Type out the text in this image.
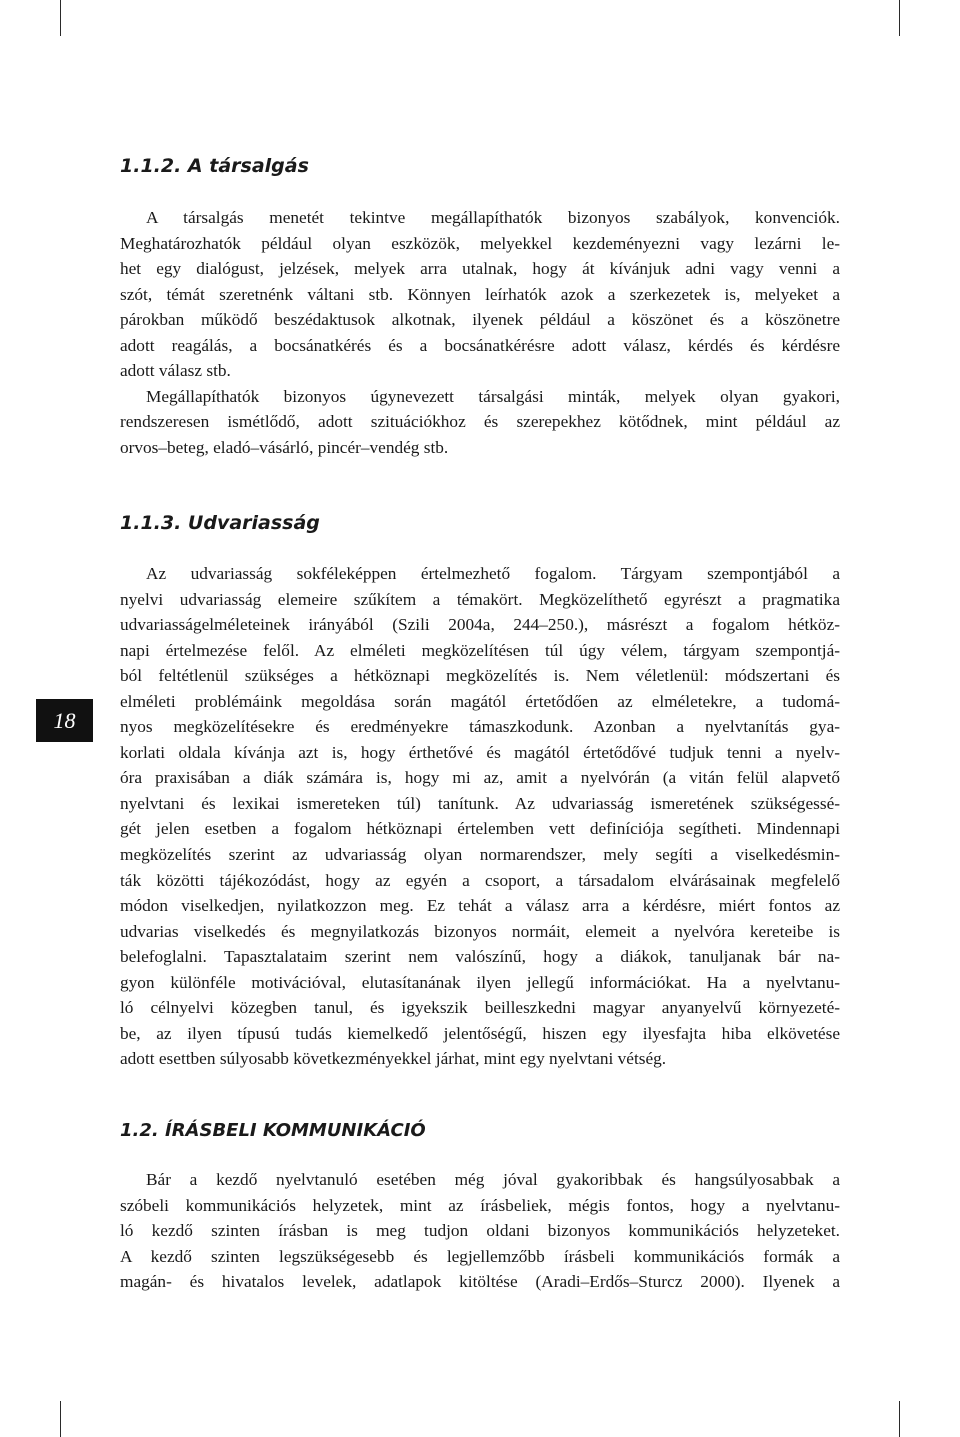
1.1.2. A társalgás
A társalgás menetét tekintve megállapíthatók bizonyos szabályok, konvenciók.
Meghatározhatók például olyan eszközök, melyekkel kezdeményezni vagy lezárni le-
het egy dialógust, jelzések, melyek arra utalnak, hogy át kívánjuk adni vagy venni a
szót, témát szeretnénk váltani stb. Könnyen leírhatók azok a szerkezetek is, melyeket a
párokban működő beszédaktusok alkotnak, ilyenek például a köszönet és a köszönetre
adott reagálás, a bocsánatkérés és a bocsánatkérésre adott válasz, kérdés és kérdésre
adott válasz stb.
Megállapíthatók bizonyos úgynevezett társalgási minták, melyek olyan gyakori,
rendszeresen ismétlődő, adott szituációkhoz és szerepekhez kötődnek, mint például az
orvos–beteg, eladó–vásárló, pincér–vendég stb.
1.1.3. Udvariasság
Az udvariasság sokféleképpen értelmezhető fogalom. Tárgyam szempontjából a
nyelvi udvariasság elemeire szűkítem a témakört. Megközelíthető egyrészt a pragmatika
udvariasságelméleteinek irányából (Szili 2004a, 244–250.), másrészt a fogalom hétköz-
napi értelmezése felől. Az elméleti megközelítésen túl úgy vélem, tárgyam szempontjá-
ból feltétlenül szükséges a hétköznapi megközelítés is. Nem véletlenül: módszertani és
elméleti problémáink megoldása során magától értetődően az elméletekre, a tudomá-
nyos megközelítésekre és eredményekre támaszkodunk. Azonban a nyelvtanítás gya-
korlati oldala kívánja azt is, hogy érthetővé és magától értetődővé tudjuk tenni a nyelv-
óra praxisában a diák számára is, hogy mi az, amit a nyelvórán (a vitán felül alapvető
nyelvtani és lexikai ismereteken túl) tanítunk. Az udvariasság ismeretének szükségessé-
gét jelen esetben a fogalom hétköznapi értelemben vett definíciója segítheti. Mindennapi
megközelítés szerint az udvariasság olyan normarendszer, mely segíti a viselkedésmin-
ták közötti tájékozódást, hogy az egyén a csoport, a társadalom elvárásainak megfelelő
módon viselkedjen, nyilatkozzon meg. Ez tehát a válasz arra a kérdésre, miért fontos az
udvarias viselkedés és megnyilatkozás bizonyos normáit, elemeit a nyelvóra kereteibe is
belefoglalni. Tapasztalataim szerint nem valószínű, hogy a diákok, tanuljanak bár na-
gyon különféle motivációval, elutasítanának ilyen jellegű információkat. Ha a nyelvtanu-
ló célnyelvi közegben tanul, és igyekszik beilleszkedni magyar anyanyelvű környezeté-
be, az ilyen típusú tudás kiemelkedő jelentőségű, hiszen egy ilyesfajta hiba elkövetése
adott esettben súlyosabb következményekkel járhat, mint egy nyelvtani vétség.
1.2. ÍRÁSBELI KOMMUNIKÁCIÓ
Bár a kezdő nyelvtanuló esetében még jóval gyakoribbak és hangsúlyosabbak a
szóbeli kommunikációs helyzetek, mint az írásbeliek, mégis fontos, hogy a nyelvtanu-
ló kezdő szinten írásban is meg tudjon oldani bizonyos kommunikációs helyzeteket.
A kezdő szinten legszükségesebb és legjellemzőbb írásbeli kommunikációs formák a
magán- és hivatalos levelek, adatlapok kitöltése (Aradi–Erdős–Sturcz 2000). Ilyenek a
18
